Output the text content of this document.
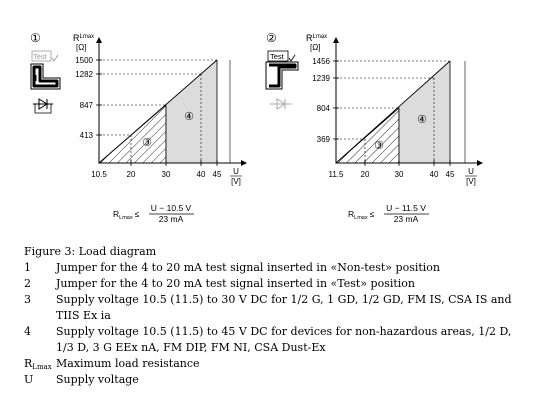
①
Test
$R^{Lmax}$
[Ω]
1500
1282
847
413
10.5 20	30	40 45 U
[V]
③
④
$R_{Lmax}$ ≤
U − 10.5 V
23 mA
②
Test
$R^{Lmax}$
[Ω]
1456
1239
804
369
11.5 20	30	40 45 U
[V]
③
④
$R_{Lmax}$ ≤
U − 11.5 V
23 mA

Figure 3: Load diagram

1	Jumper for the 4 to 20 mA test signal inserted in «Non-test» position
2	Jumper for the 4 to 20 mA test signal inserted in «Test» position
3	Supply voltage 10.5 (11.5) to 30 V DC for 1/2 G, 1 GD, 1/2 GD, FM IS, CSA IS and TIIS Ex ia
4	Supply voltage 10.5 (11.5) to 45 V DC for devices for non-hazardous areas, 1/2 D, 1/3 D, 3 G EEx nA, FM DIP, FM NI, CSA Dust-Ex
$R_{Lmax}$ Maximum load resistance
U	Supply voltage
